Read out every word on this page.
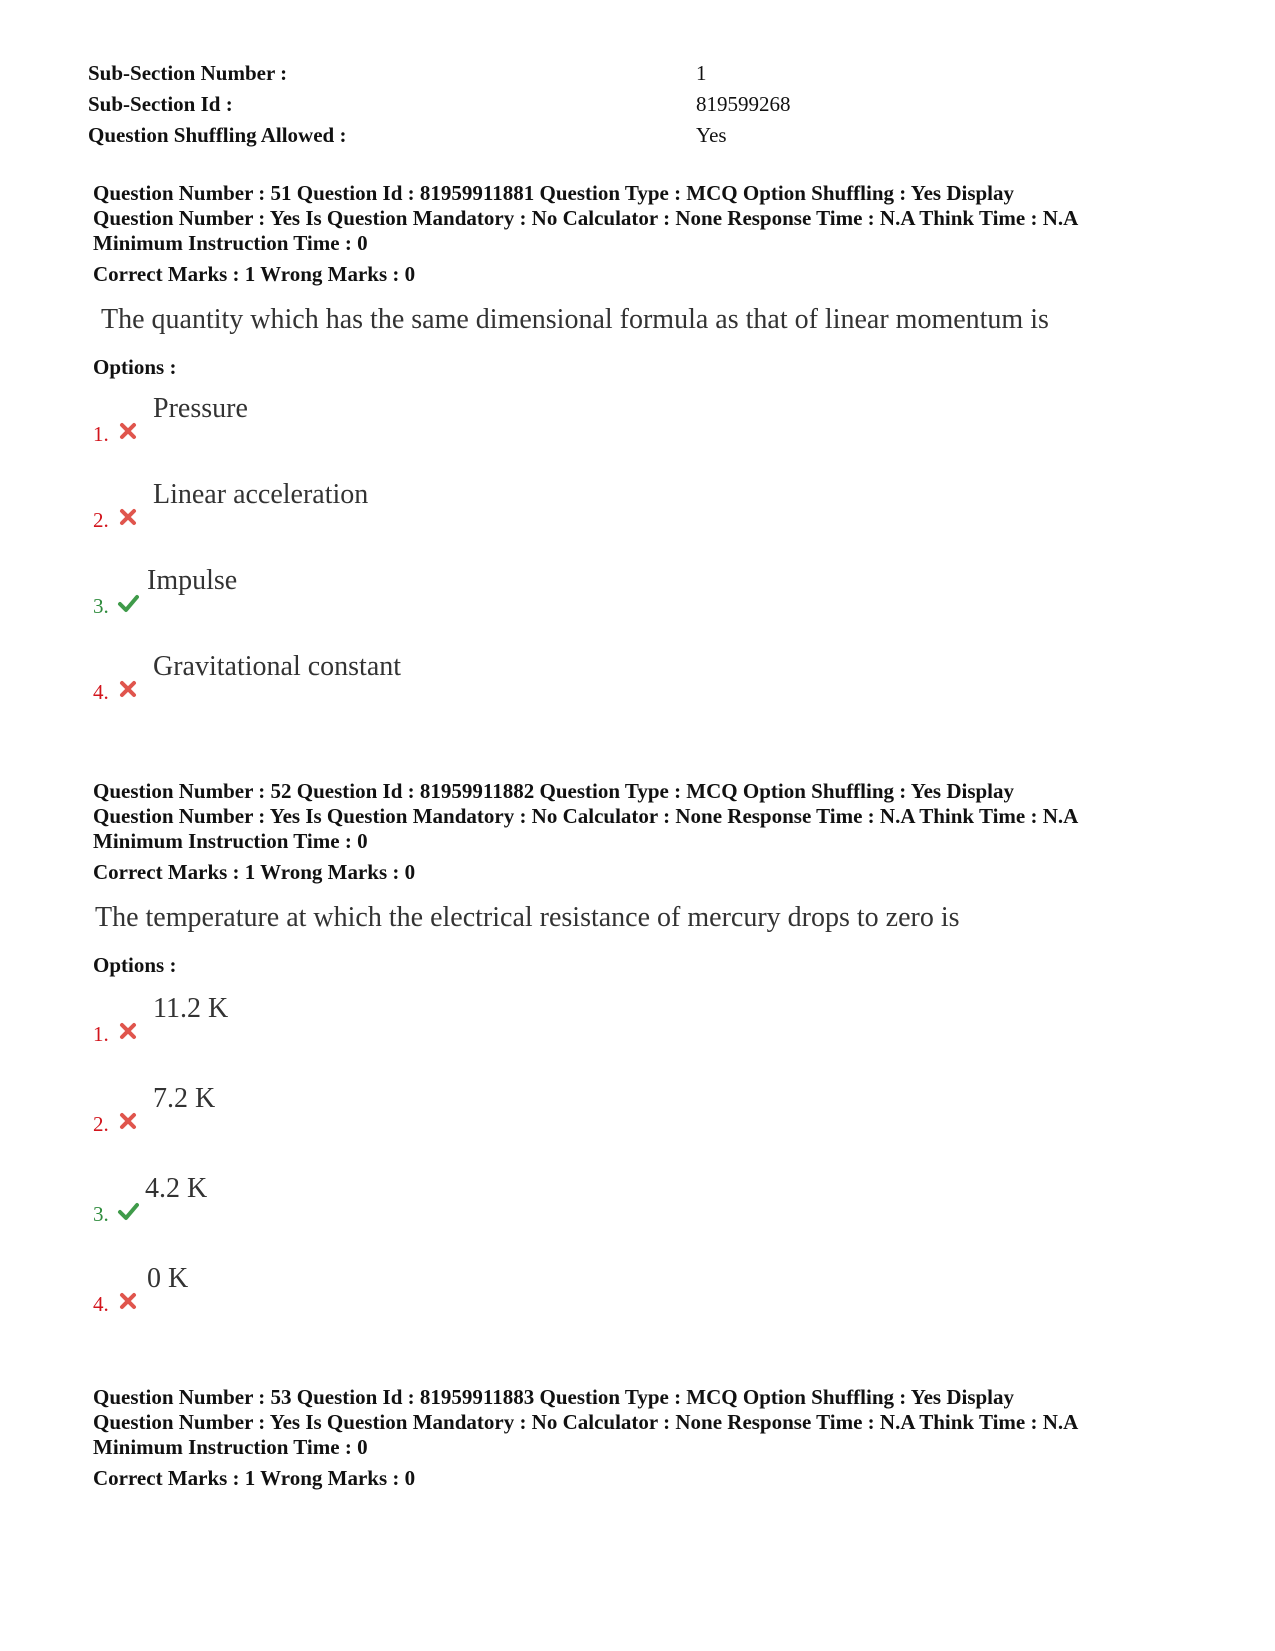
Sub-Section Number :	1
Sub-Section Id :	819599268
Question Shuffling Allowed :	Yes
Question Number : 51 Question Id : 81959911881 Question Type : MCQ Option Shuffling : Yes Display
Question Number : Yes Is Question Mandatory : No Calculator : None Response Time : N.A Think Time : N.A
Minimum Instruction Time : 0
Correct Marks : 1 Wrong Marks : 0
The quantity which has the same dimensional formula as that of linear momentum is
Options :
1.
Pressure
2.
Linear acceleration
3.
Impulse
4.
Gravitational constant
Question Number : 52 Question Id : 81959911882 Question Type : MCQ Option Shuffling : Yes Display
Question Number : Yes Is Question Mandatory : No Calculator : None Response Time : N.A Think Time : N.A
Minimum Instruction Time : 0
Correct Marks : 1 Wrong Marks : 0
The temperature at which the electrical resistance of mercury drops to zero is
Options :
1.
11.2 K
2.
7.2 K
3.
4.2 K
4.
0 K
Question Number : 53 Question Id : 81959911883 Question Type : MCQ Option Shuffling : Yes Display
Question Number : Yes Is Question Mandatory : No Calculator : None Response Time : N.A Think Time : N.A
Minimum Instruction Time : 0
Correct Marks : 1 Wrong Marks : 0
